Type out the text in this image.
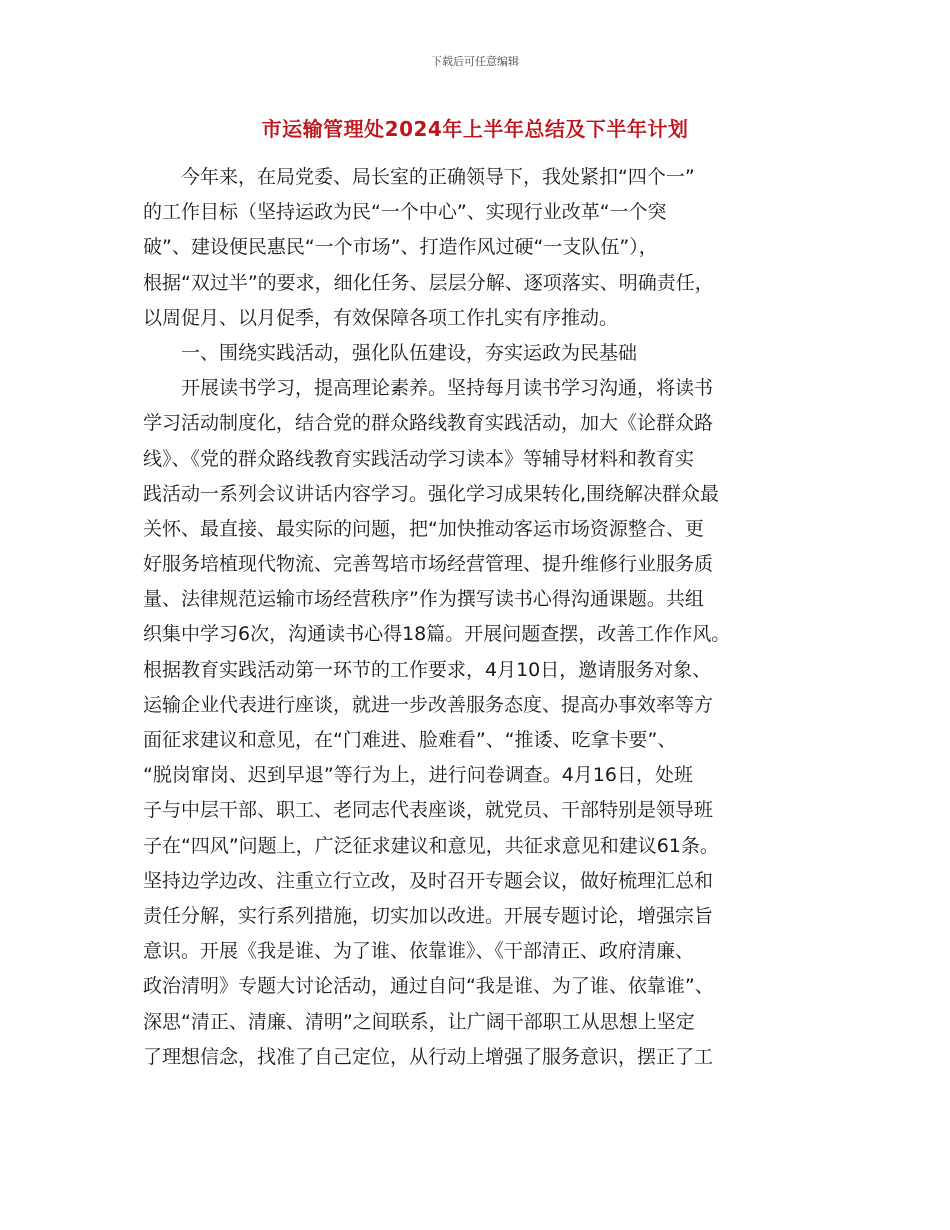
下载后可任意编辑
市运输管理处2024年上半年总结及下半年计划
今年来，在局党委、局长室的正确领导下，我处紧扣“四个一”
的工作目标（坚持运政为民“一个中心”、实现行业改革“一个突
破”、建设便民惠民“一个市场”、打造作风过硬“一支队伍”），
根据“双过半”的要求，细化任务、层层分解、逐项落实、明确责任，
以周促月、以月促季，有效保障各项工作扎实有序推动。
一、围绕实践活动，强化队伍建设，夯实运政为民基础
开展读书学习，提高理论素养。坚持每月读书学习沟通，将读书
学习活动制度化，结合党的群众路线教育实践活动，加大《论群众路
线》、《党的群众路线教育实践活动学习读本》等辅导材料和教育实
践活动一系列会议讲话内容学习。强化学习成果转化,围绕解决群众最
关怀、最直接、最实际的问题，把“加快推动客运市场资源整合、更
好服务培植现代物流、完善驾培市场经营管理、提升维修行业服务质
量、法律规范运输市场经营秩序”作为撰写读书心得沟通课题。共组
织集中学习6次，沟通读书心得18篇。开展问题查摆，改善工作作风。
根据教育实践活动第一环节的工作要求，4月10日，邀请服务对象、
运输企业代表进行座谈，就进一步改善服务态度、提高办事效率等方
面征求建议和意见，在“门难进、脸难看”、“推诿、吃拿卡要”、
“脱岗窜岗、迟到早退”等行为上，进行问卷调查。4月16日，处班
子与中层干部、职工、老同志代表座谈，就党员、干部特别是领导班
子在“四风”问题上，广泛征求建议和意见，共征求意见和建议61条。
坚持边学边改、注重立行立改，及时召开专题会议，做好梳理汇总和
责任分解，实行系列措施，切实加以改进。开展专题讨论，增强宗旨
意识。开展《我是谁、为了谁、依靠谁》、《干部清正、政府清廉、
政治清明》专题大讨论活动，通过自问“我是谁、为了谁、依靠谁”、
深思“清正、清廉、清明”之间联系，让广阔干部职工从思想上坚定
了理想信念，找准了自己定位，从行动上增强了服务意识，摆正了工
